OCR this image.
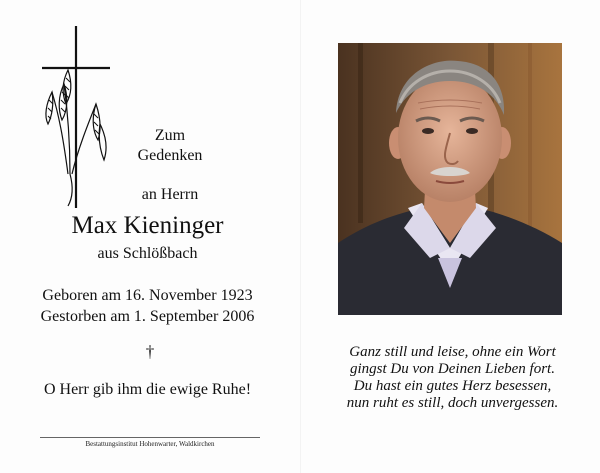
Zum
Gedenken
an Herrn
Max Kieninger
aus Schlößbach
Geboren am 16. November 1923
Gestorben am 1. September 2006
†
O Herr gib ihm die ewige Ruhe!
Bestattungsinstitut Hohenwarter, Waldkirchen
Ganz still und leise, ohne ein Wort
gingst Du von Deinen Lieben fort.
Du hast ein gutes Herz besessen,
nun ruht es still, doch unvergessen.
